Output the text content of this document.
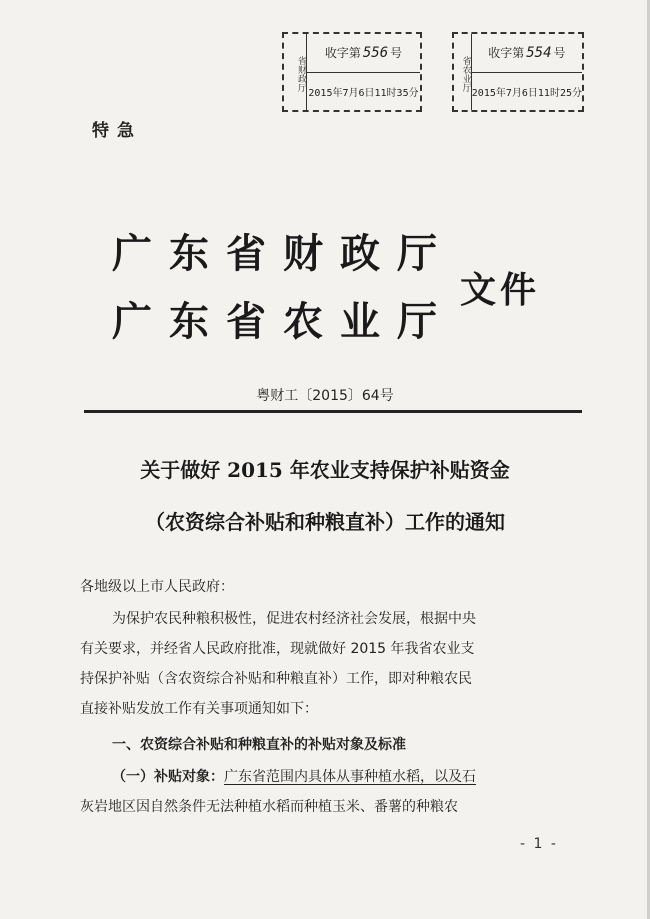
省财政厅
收字第 556 号
2015年7月6日11时35分
省农业厅
收字第 554 号
2015年7月6日11时25分
特急
广东省财政厅
广东省农业厅
文件
粤财工〔2015〕64号
关于做好 2015 年农业支持保护补贴资金
（农资综合补贴和种粮直补）工作的通知
各地级以上市人民政府：

为保护农民种粮积极性，促进农村经济社会发展，根据中央

有关要求，并经省人民政府批准，现就做好 2015 年我省农业支

持保护补贴（含农资综合补贴和种粮直补）工作，即对种粮农民

直接补贴发放工作有关事项通知如下：

一、农资综合补贴和种粮直补的补贴对象及标准
（一）补贴对象：广东省范围内具体从事种植水稻，以及石
灰岩地区因自然条件无法种植水稻而种植玉米、番薯的种粮农
- 1 -
